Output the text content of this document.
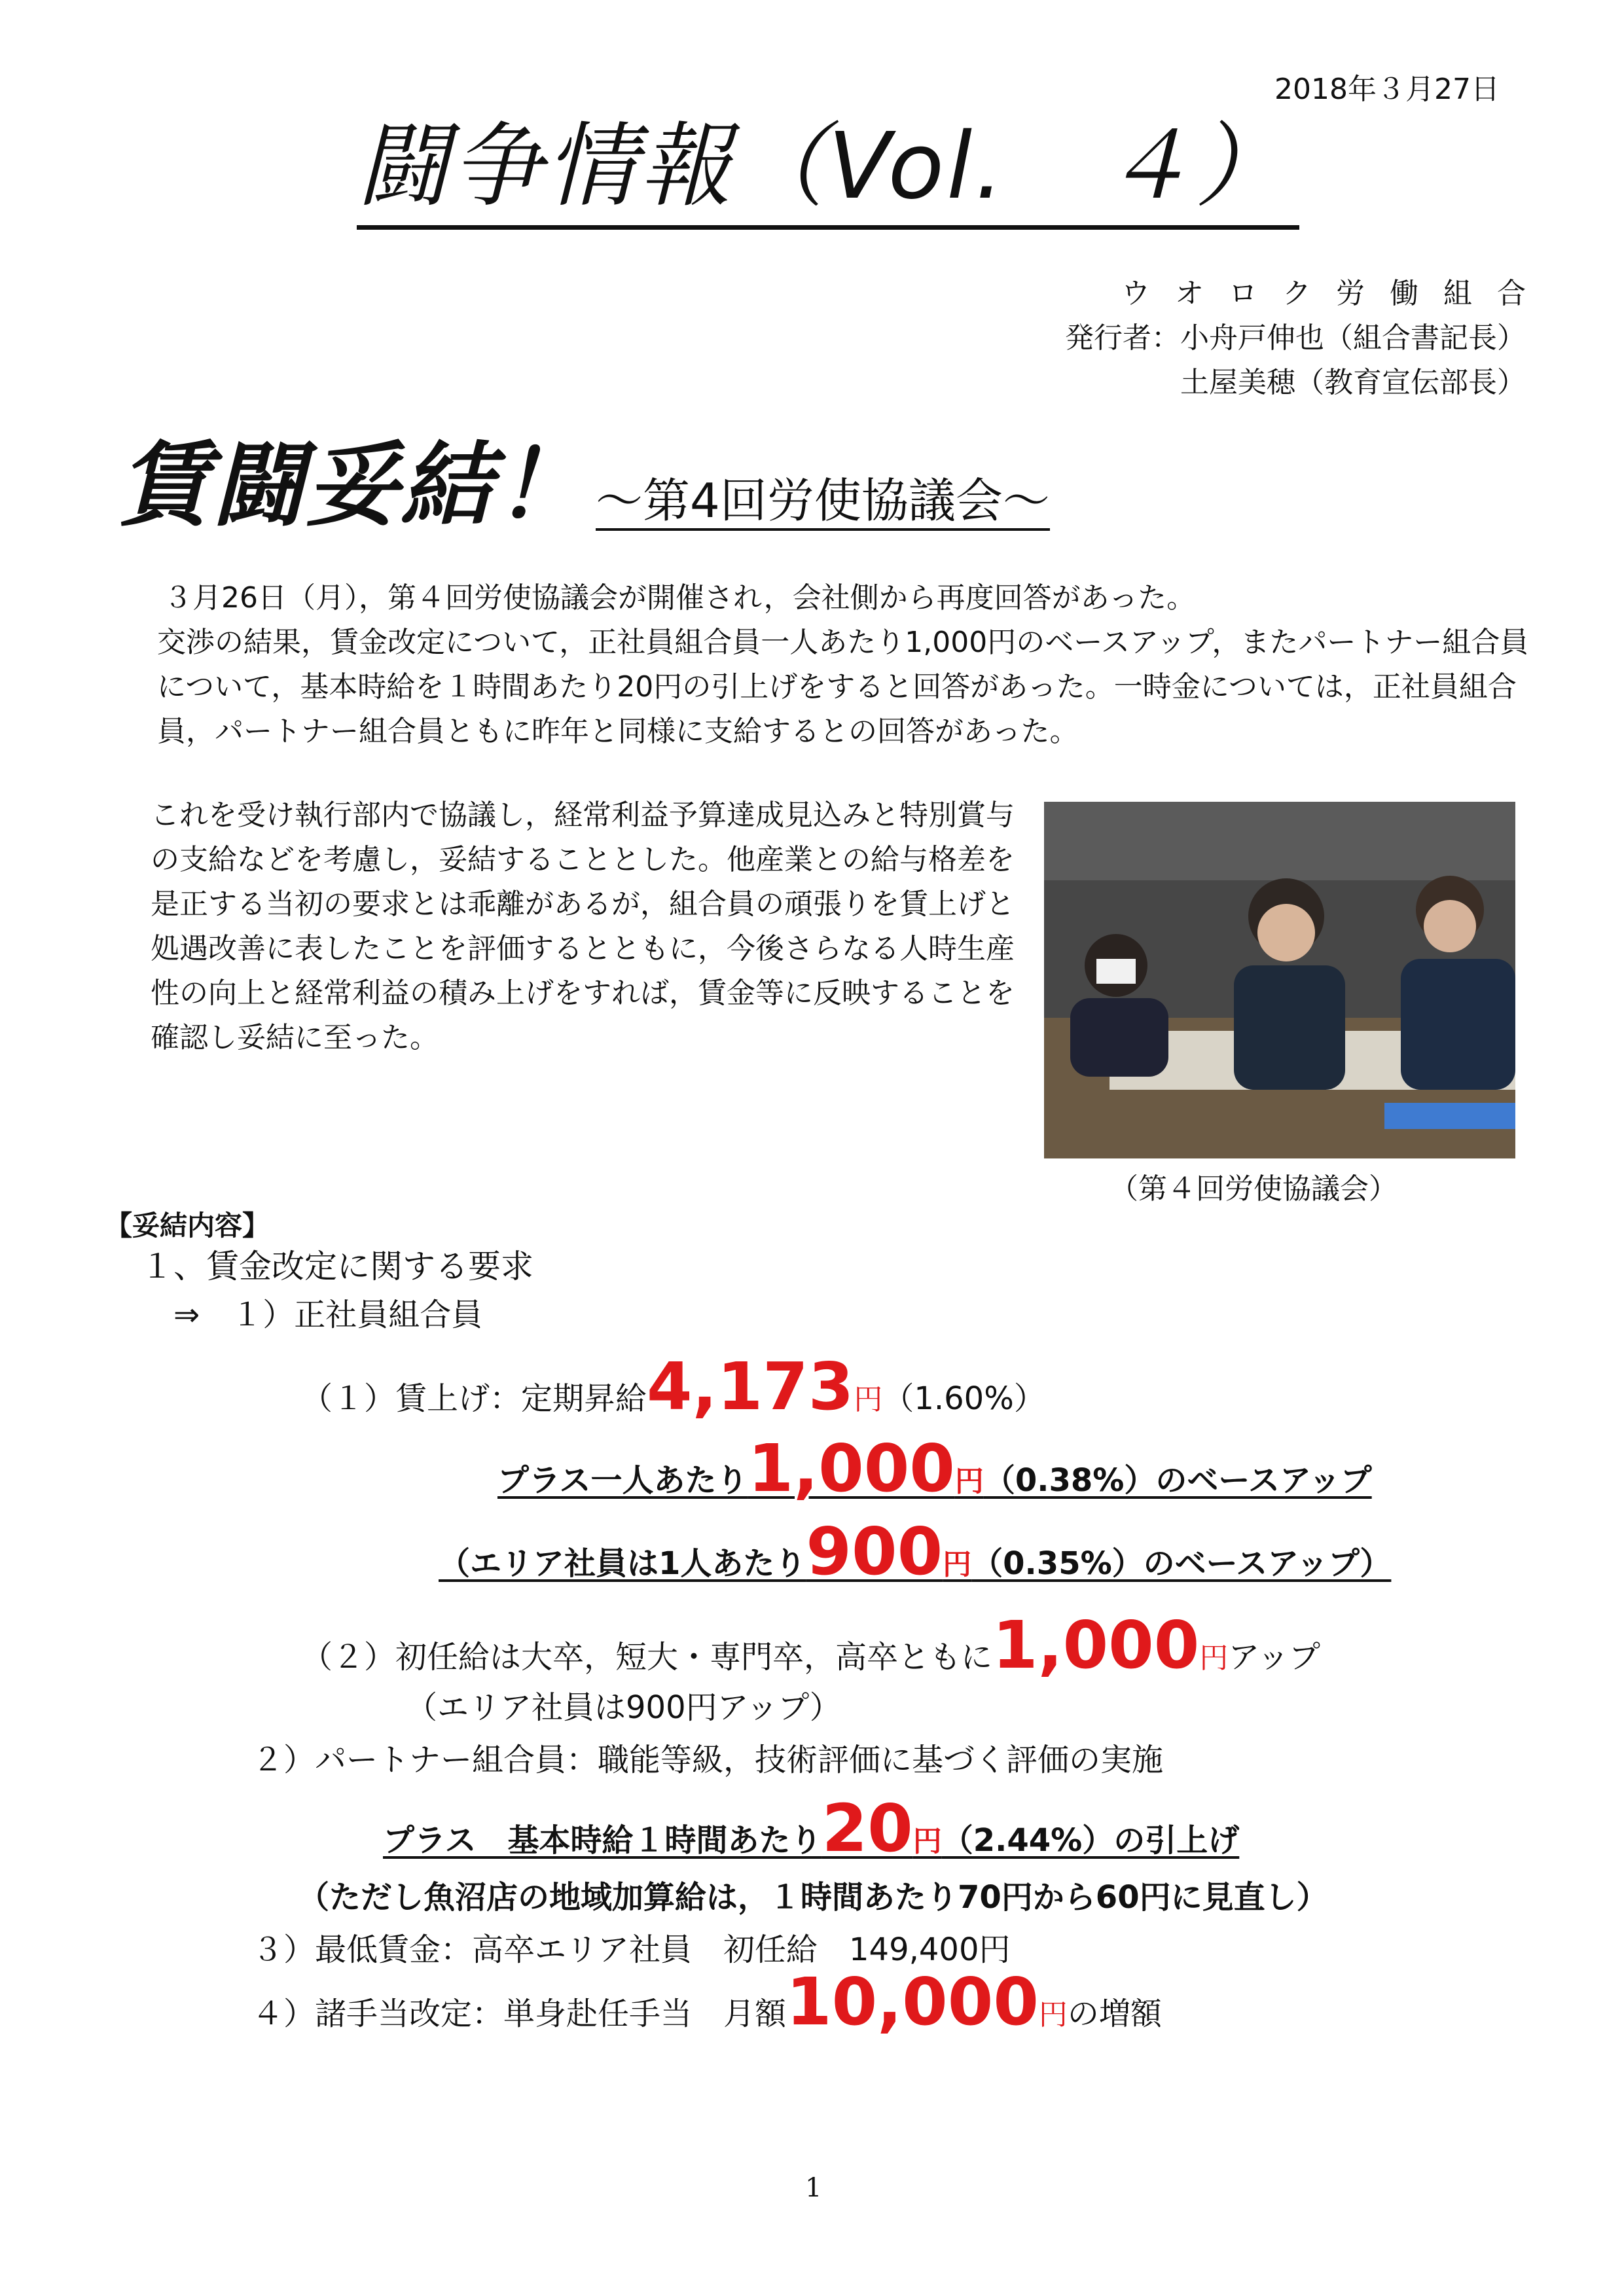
2018年３月27日
闘争情報（Vol.　４）
ウオロク労働組合
発行者：小舟戸伸也（組合書記長）
土屋美穂（教育宣伝部長）
賃闘妥結！ ～第4回労使協議会～
３月26日（月），第４回労使協議会が開催され，会社側から再度回答があった。
交渉の結果，賃金改定について，正社員組合員一人あたり1,000円のベースアップ，またパートナー組合員について，基本時給を１時間あたり20円の引上げをすると回答があった。一時金については，正社員組合員，パートナー組合員ともに昨年と同様に支給するとの回答があった。
これを受け執行部内で協議し，経常利益予算達成見込みと特別賞与の支給などを考慮し，妥結することとした。他産業との給与格差を是正する当初の要求とは乖離があるが，組合員の頑張りを賃上げと処遇改善に表したことを評価するとともに，今後さらなる人時生産性の向上と経常利益の積み上げをすれば，賃金等に反映することを確認し妥結に至った。
（第４回労使協議会）
【妥結内容】
１、賃金改定に関する要求
⇒　１）正社員組合員
（１）賃上げ：定期昇給4,173円（1.60%）
プラス一人あたり1,000円（0.38%）のベースアップ
（エリア社員は1人あたり900円（0.35%）のベースアップ）
（２）初任給は大卒，短大・専門卒，高卒ともに1,000円アップ
（エリア社員は900円アップ）
２）パートナー組合員：職能等級，技術評価に基づく評価の実施
プラス　基本時給１時間あたり20円（2.44%）の引上げ
（ただし魚沼店の地域加算給は，１時間あたり70円から60円に見直し）
３）最低賃金：高卒エリア社員　初任給　149,400円
４）諸手当改定：単身赴任手当　月額10,000円の増額
1
